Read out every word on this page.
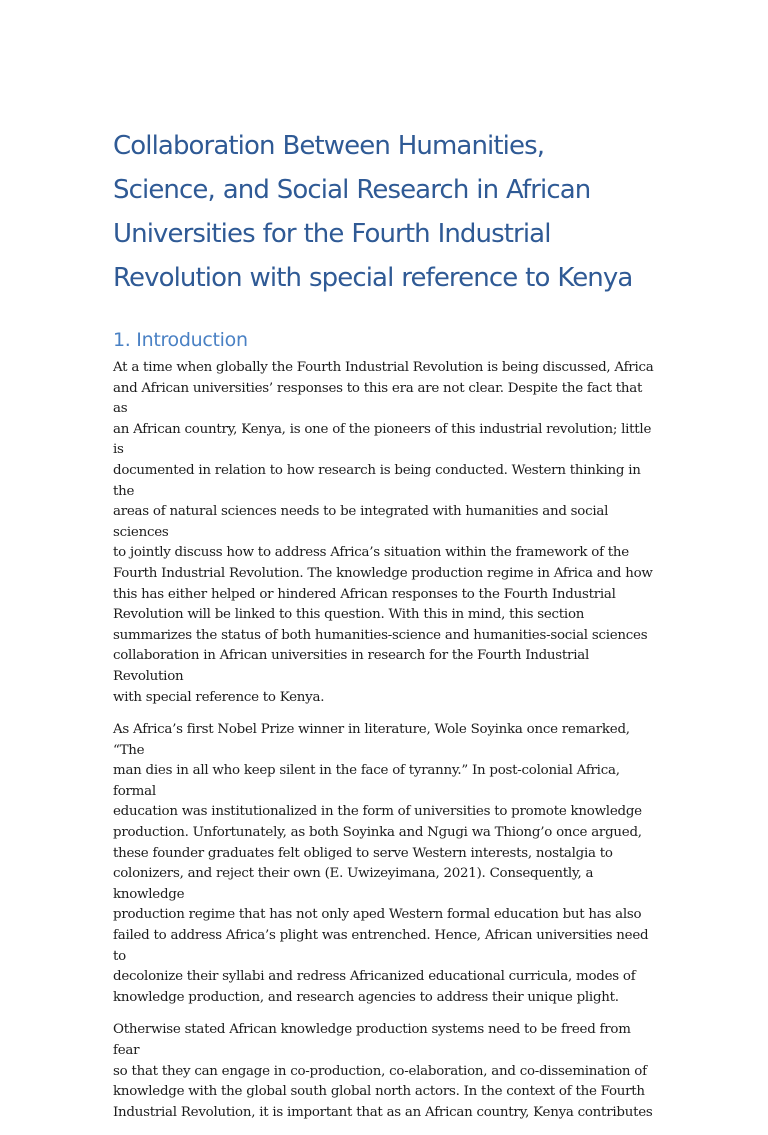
Collaboration Between Humanities,
Science, and Social Research in African
Universities for the Fourth Industrial
Revolution with special reference to Kenya
1. Introduction

At a time when globally the Fourth Industrial Revolution is being discussed, Africa
and African universities’ responses to this era are not clear. Despite the fact that as
an African country, Kenya, is one of the pioneers of this industrial revolution; little is
documented in relation to how research is being conducted. Western thinking in the
areas of natural sciences needs to be integrated with humanities and social sciences
to jointly discuss how to address Africa’s situation within the framework of the
Fourth Industrial Revolution. The knowledge production regime in Africa and how
this has either helped or hindered African responses to the Fourth Industrial
Revolution will be linked to this question. With this in mind, this section
summarizes the status of both humanities-science and humanities-social sciences
collaboration in African universities in research for the Fourth Industrial Revolution
with special reference to Kenya.

As Africa’s first Nobel Prize winner in literature, Wole Soyinka once remarked, “The
man dies in all who keep silent in the face of tyranny.” In post-colonial Africa, formal
education was institutionalized in the form of universities to promote knowledge
production. Unfortunately, as both Soyinka and Ngugi wa Thiong’o once argued,
these founder graduates felt obliged to serve Western interests, nostalgia to
colonizers, and reject their own (E. Uwizeyimana, 2021). Consequently, a knowledge
production regime that has not only aped Western formal education but has also
failed to address Africa’s plight was entrenched. Hence, African universities need to
decolonize their syllabi and redress Africanized educational curricula, modes of
knowledge production, and research agencies to address their unique plight.

Otherwise stated African knowledge production systems need to be freed from fear
so that they can engage in co-production, co-elaboration, and co-dissemination of
knowledge with the global south global north actors. In the context of the Fourth
Industrial Revolution, it is important that as an African country, Kenya contributes
